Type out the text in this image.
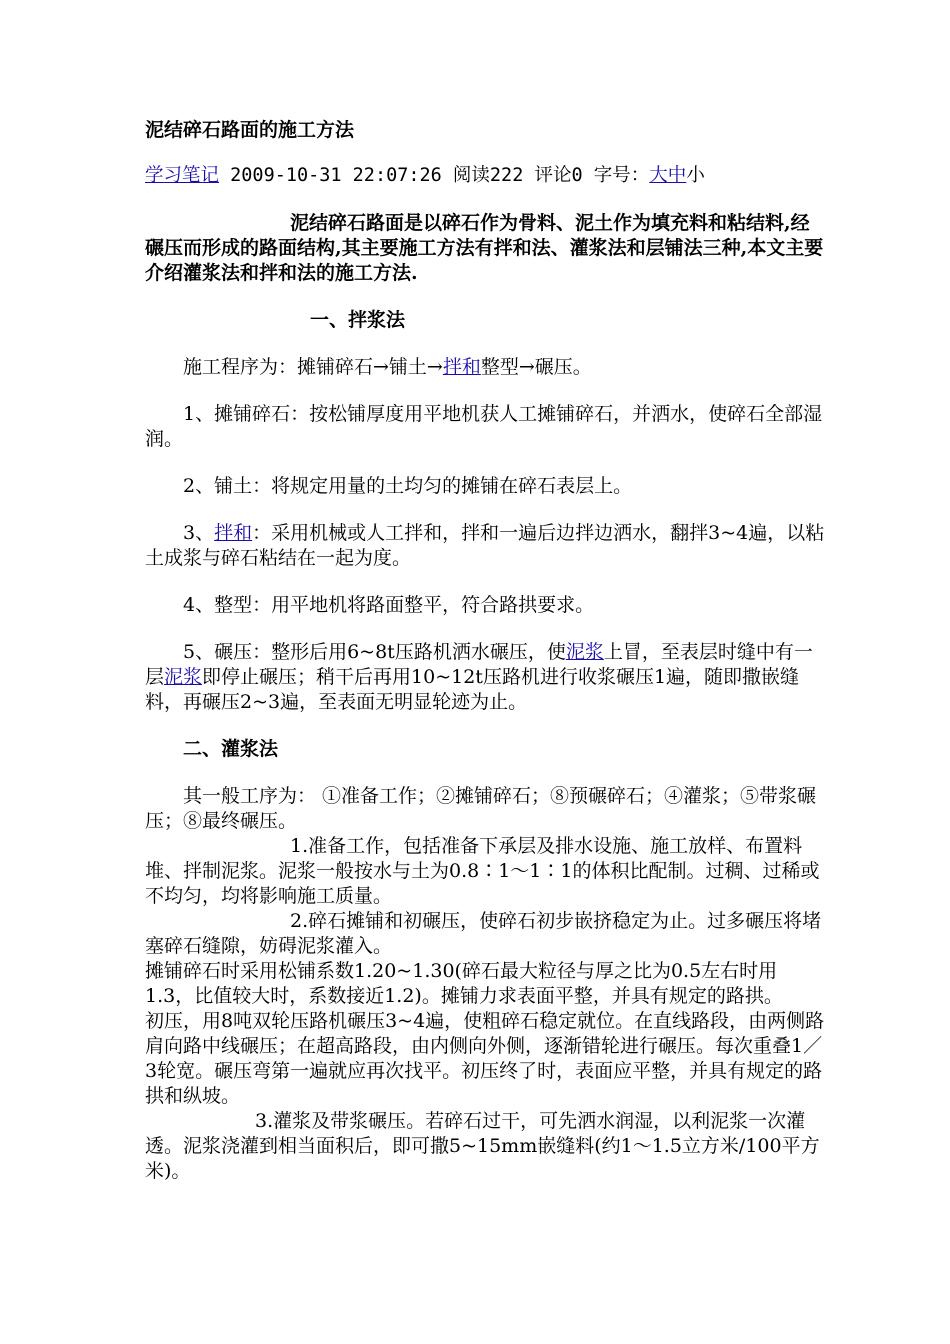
泥结碎石路面的施工方法
学习笔记 2009-10-31 22:07:26 阅读222 评论0 字号：大中小

泥结碎石路面是以碎石作为骨料、泥土作为填充料和粘结料,经碾压而形成的路面结构,其主要施工方法有拌和法、灌浆法和层铺法三种,本文主要介绍灌浆法和拌和法的施工方法.

一、拌浆法

施工程序为：摊铺碎石→铺土→拌和整型→碾压。

1、摊铺碎石：按松铺厚度用平地机获人工摊铺碎石，并洒水，使碎石全部湿润。

2、铺土：将规定用量的土均匀的摊铺在碎石表层上。

3、拌和：采用机械或人工拌和，拌和一遍后边拌边洒水，翻拌3~4遍，以粘土成浆与碎石粘结在一起为度。

4、整型：用平地机将路面整平，符合路拱要求。

5、碾压：整形后用6~8t压路机洒水碾压，使泥浆上冒，至表层时缝中有一层泥浆即停止碾压；稍干后再用10~12t压路机进行收浆碾压1遍，随即撒嵌缝料，再碾压2~3遍，至表面无明显轮迹为止。

二、灌浆法

其一般工序为： ①准备工作；②摊铺碎石；⑧预碾碎石；④灌浆；⑤带浆碾压；⑧最终碾压。

1.准备工作，包括准备下承层及排水设施、施工放样、布置料堆、拌制泥浆。泥浆一般按水与土为0.8∶1～1∶1的体积比配制。过稠、过稀或不均匀，均将影响施工质量。

2.碎石摊铺和初碾压，使碎石初步嵌挤稳定为止。过多碾压将堵塞碎石缝隙，妨碍泥浆灌入。

摊铺碎石时采用松铺系数1.20~1.30(碎石最大粒径与厚之比为0.5左右时用1.3，比值较大时，系数接近1.2)。摊铺力求表面平整，并具有规定的路拱。

初压，用8吨双轮压路机碾压3~4遍，使粗碎石稳定就位。在直线路段，由两侧路肩向路中线碾压；在超高路段，由内侧向外侧，逐渐错轮进行碾压。每次重叠1／3轮宽。碾压弯第一遍就应再次找平。初压终了时，表面应平整，并具有规定的路拱和纵坡。

3.灌浆及带浆碾压。若碎石过干，可先洒水润湿，以利泥浆一次灌透。泥浆浇灌到相当面积后，即可撒5~15mm嵌缝料(约1～1.5立方米/100平方米)。
